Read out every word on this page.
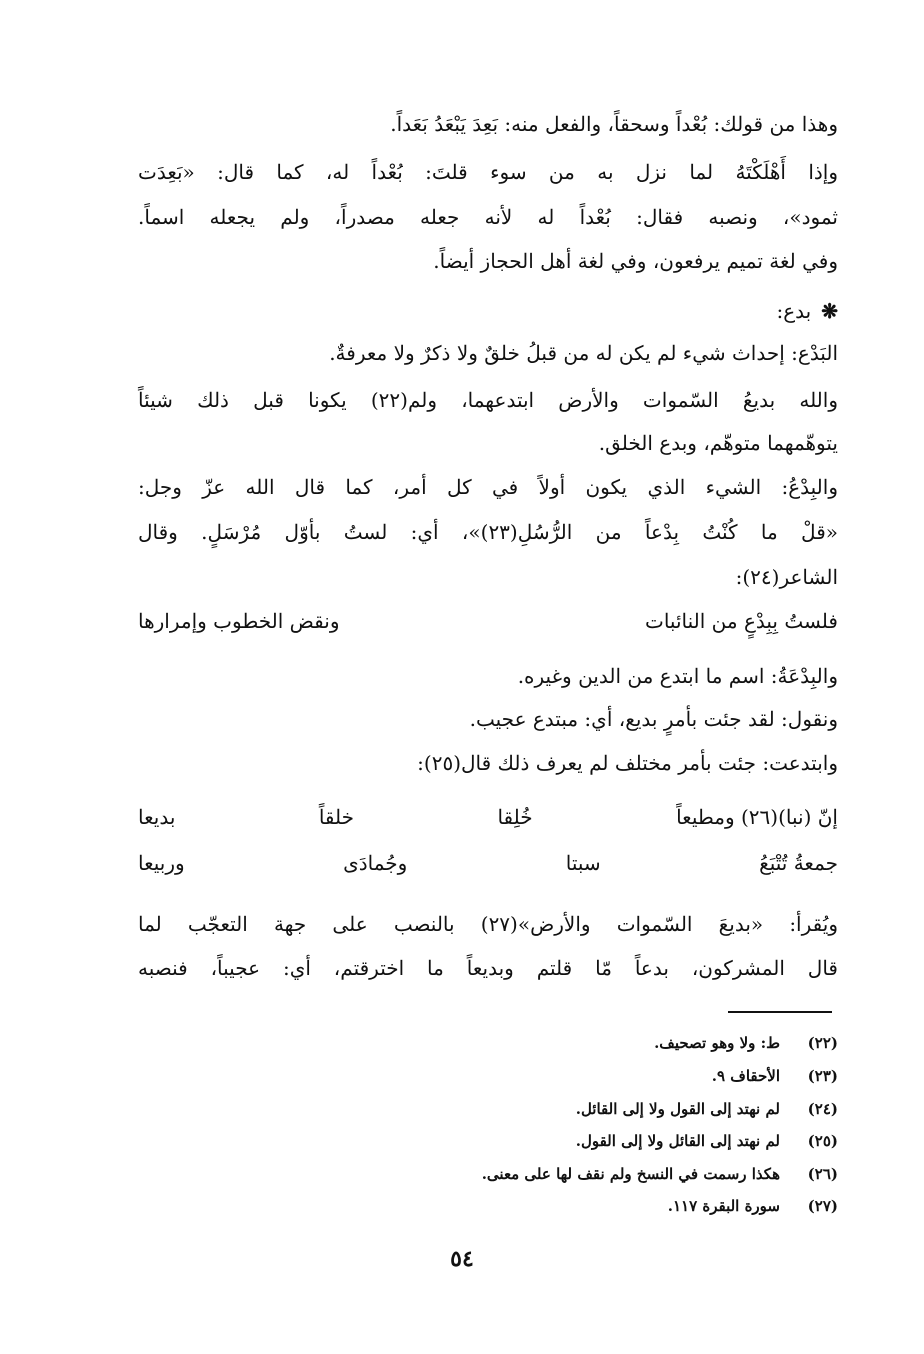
وهذا من قولك: بُعْداً وسحقاً، والفعل منه: بَعِدَ يَبْعَدُ بَعَداً.
وإذا أَهْلَكْتَهُ لما نزل به من سوء قلتَ: بُعْداً له، كما قال: «بَعِدَت
ثمود»، ونصبه فقال: بُعْداً له لأنه جعله مصدراً، ولم يجعله اسماً.
وفي لغة تميم يرفعون، وفي لغة أهل الحجاز أيضاً.
❋بدع:
البَدْع: إحداث شيء لم يكن له من قبلُ خلقٌ ولا ذكرٌ ولا معرفةٌ.
والله بديعُ السّموات والأرض ابتدعهما، ولم(٢٢) يكونا قبل ذلك شيئاً
يتوهّمهما متوهّم، وبدع الخلق.
والبِدْعُ: الشيء الذي يكون أولاً في كل أمر، كما قال الله عزّ وجل:
«قلْ ما كُنْتُ بِدْعاً من الرُّسُلِ(٢٣)»، أي: لستُ بأوّل مُرْسَلٍ. وقال
الشاعر(٢٤):
فلستُ بِبِدْعٍ من النائبات
ونقض الخطوب وإمرارها
والبِدْعَةُ: اسم ما ابتدع من الدين وغيره.
ونقول: لقد جئت بأمرٍ بديع، أي: مبتدع عجيب.
وابتدعت: جئت بأمر مختلف لم يعرف ذلك قال(٢٥):
إنّ (نبا)(٢٦) ومطيعاً
خُلِقا
خلقاً
بديعا
جمعةُ تُتْبَعُ
سبتا
وجُمادَى
وربيعا
ويُقرأ: «بديعَ السّموات والأرض»(٢٧) بالنصب على جهة التعجّب لما
قال المشركون، بدعاً مّا قلتم وبديعاً ما اخترقتم، أي: عجيباً، فنصبه
(٢٢)
ط: ولا وهو تصحيف.
(٢٣)
الأحقاف ٩.
(٢٤)
لم نهتد إلى القول ولا إلى القائل.
(٢٥)
لم نهتد إلى القائل ولا إلى القول.
(٢٦)
هكذا رسمت في النسخ ولم نقف لها على معنى.
(٢٧)
سورة البقرة ١١٧.
٥٤
